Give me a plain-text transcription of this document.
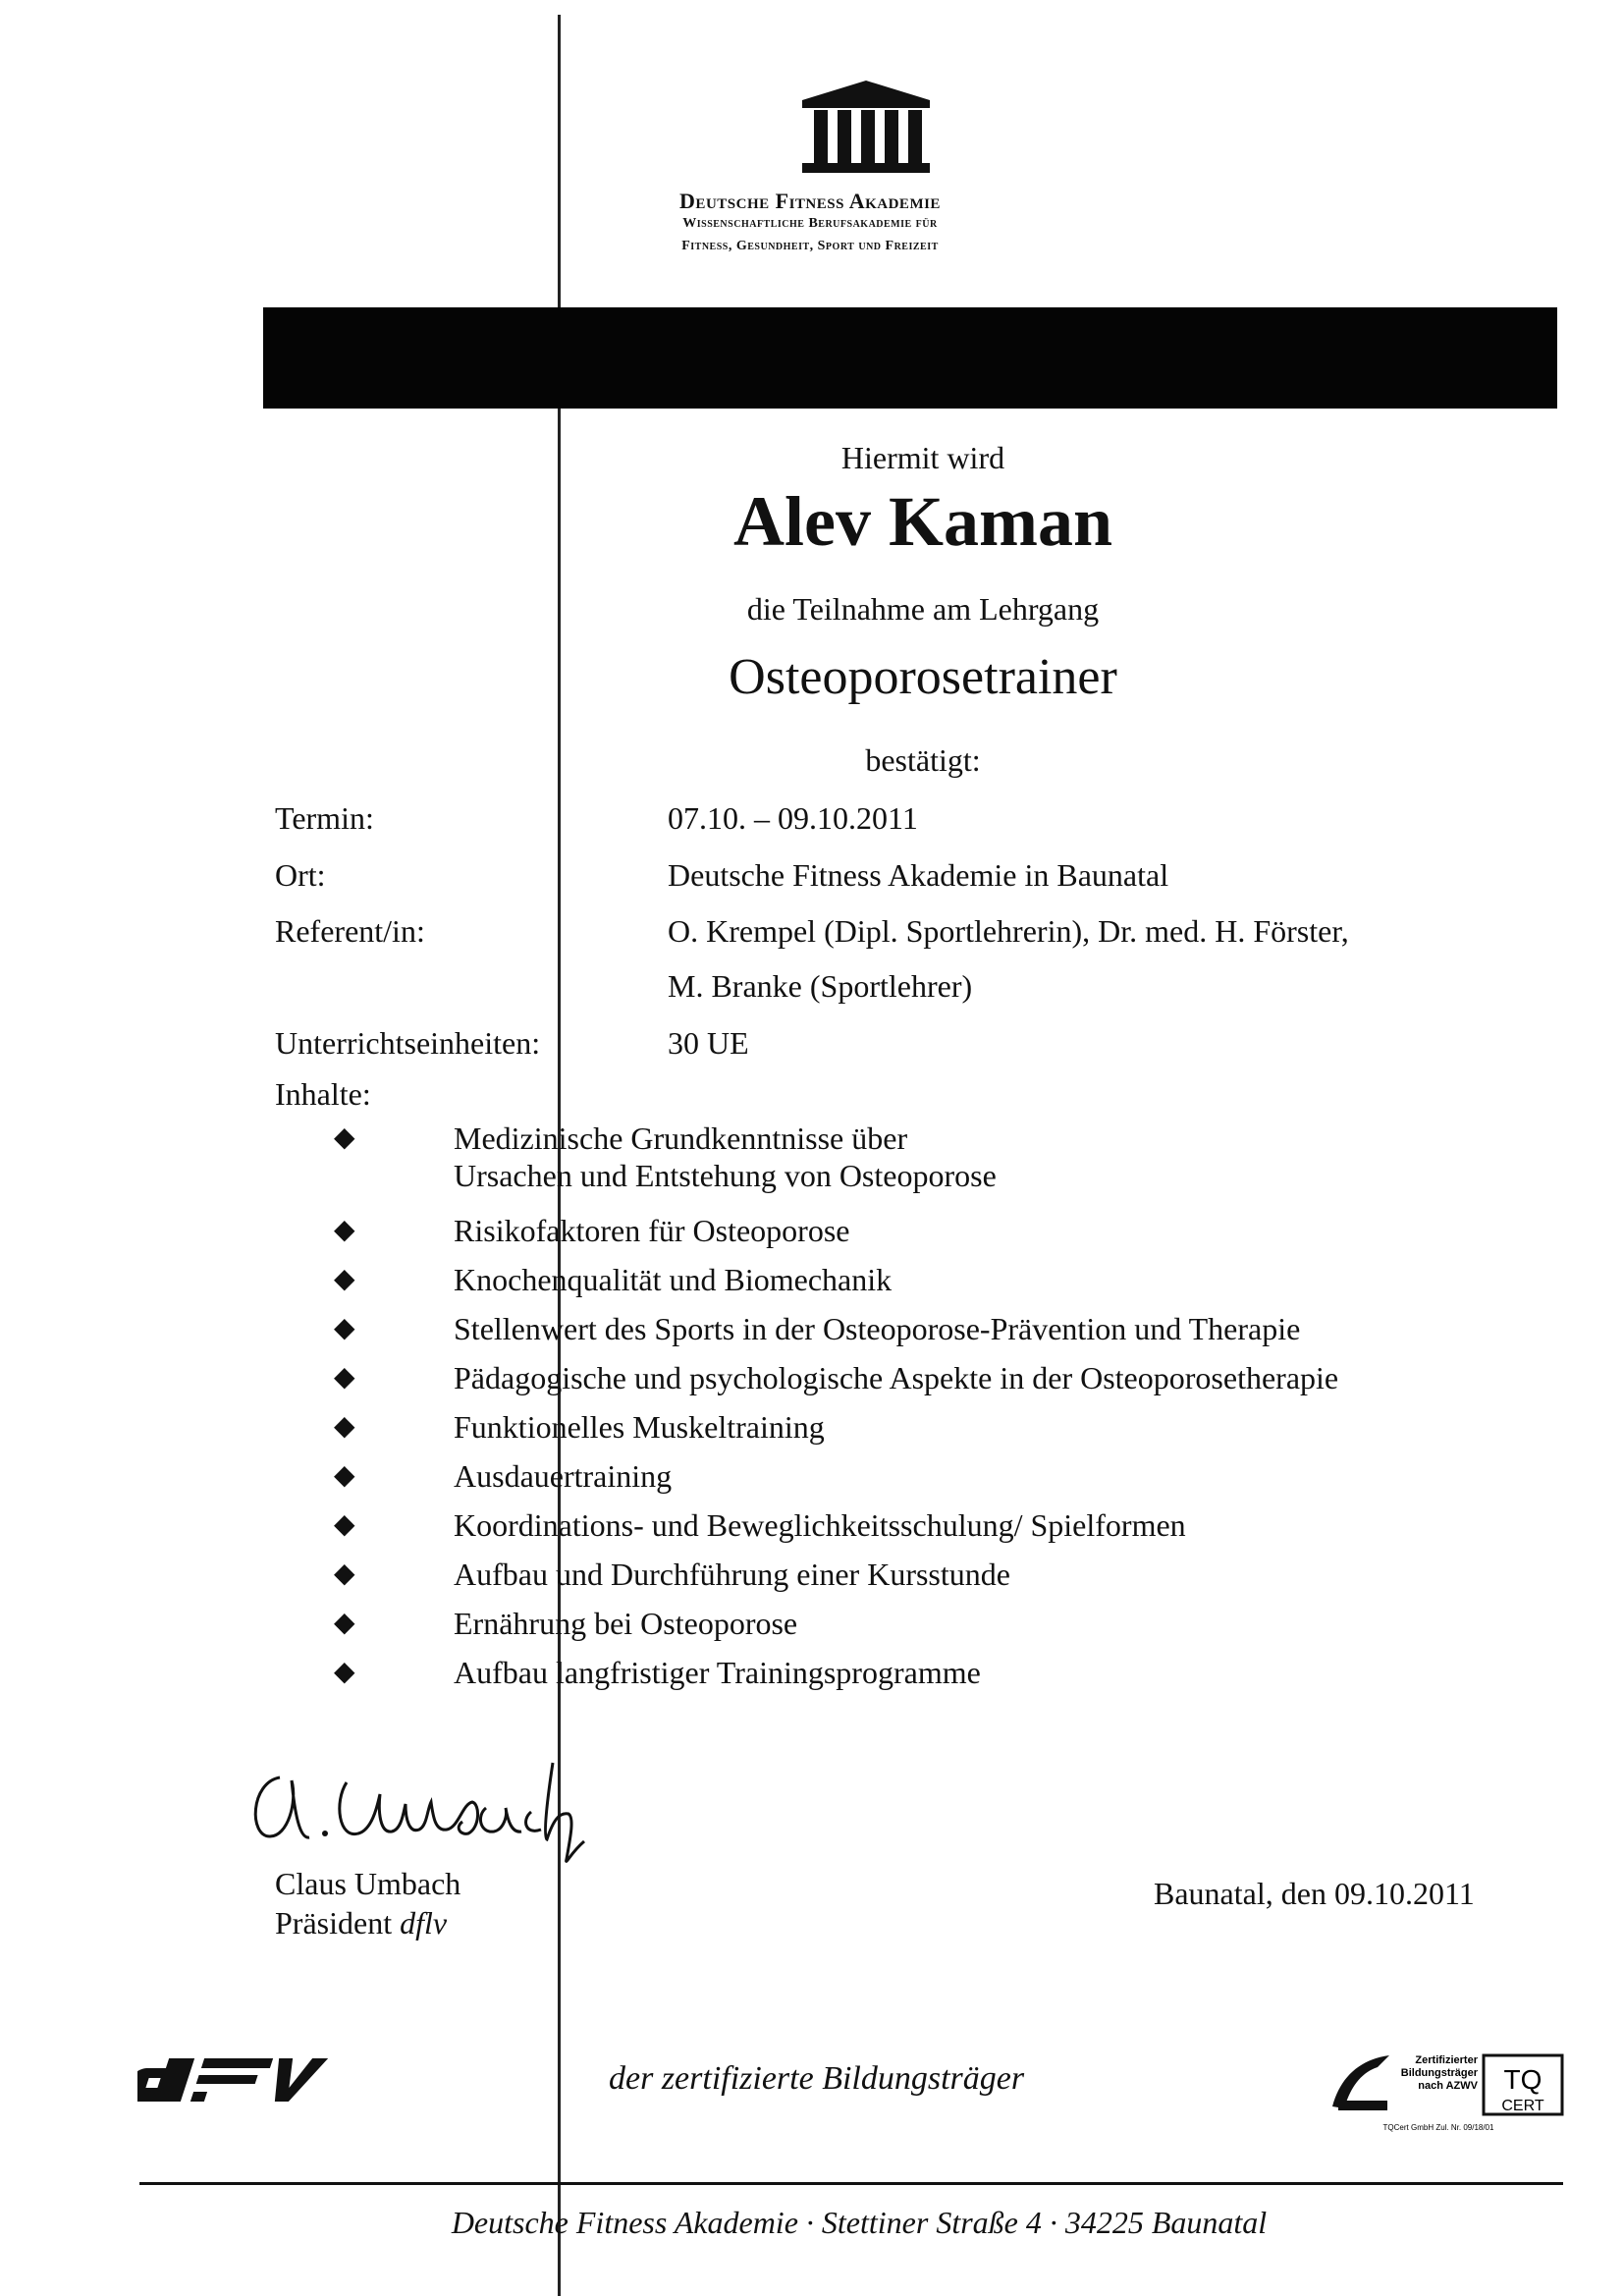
Deutsche Fitness Akademie
Wissenschaftliche Berufsakademie für
Fitness, Gesundheit, Sport und Freizeit
Hiermit wird
Alev Kaman
die Teilnahme am Lehrgang
Osteoporosetrainer
bestätigt:
Termin:	07.10. – 09.10.2011
Ort:	Deutsche Fitness Akademie in Baunatal
Referent/in:	O. Krempel (Dipl. Sportlehrerin), Dr. med. H. Förster,
M. Branke (Sportlehrer)
Unterrichtseinheiten:	30 UE
Inhalte:
◆	Medizinische Grundkenntnisse über
Ursachen und Entstehung von Osteoporose
◆	Risikofaktoren für Osteoporose
◆	Knochenqualität und Biomechanik
◆	Stellenwert des Sports in der Osteoporose-Prävention und Therapie
◆	Pädagogische und psychologische Aspekte in der Osteoporosetherapie
◆	Funktionelles Muskeltraining
◆	Ausdauertraining
◆	Koordinations- und Beweglichkeitsschulung/ Spielformen
◆	Aufbau und Durchführung einer Kursstunde
◆	Ernährung bei Osteoporose
◆	Aufbau langfristiger Trainingsprogramme
Claus Umbach
Präsident dflv
Baunatal, den 09.10.2011
der zertifizierte Bildungsträger	Zertifizierter
Bildungsträger
nach AZWV TQ
CERT
TQCert GmbH Zul. Nr. 09/18/01
Deutsche Fitness Akademie · Stettiner Straße 4 · 34225 Baunatal
